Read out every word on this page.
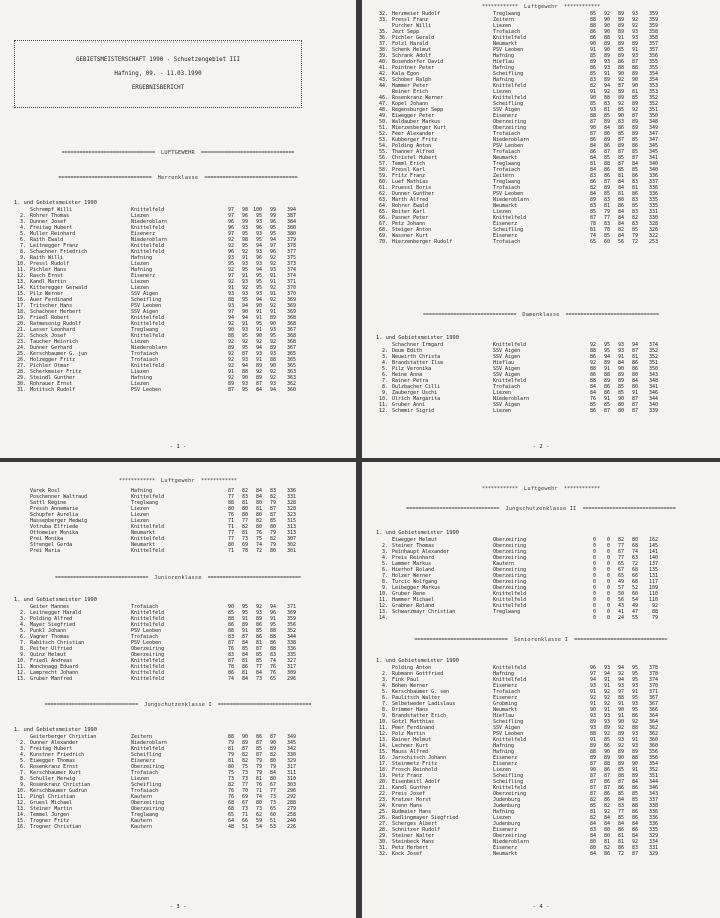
··································································
GEBIETSMEISTERSCHAFT 1990 - Schuetzengebiet III
Hafning, 09. - 11.03.1990
ERGEBNISBERICHT
=============================== LUFTGEWEHR ===============================
=============================== Herrenklasse ===============================
1. und Gebietsmeister 1990
Schrempf Willi	Knittelfeld	97	98 100	99	394
2. Rohrer Thomas	Liezen	97	96	95	99	387
3. Dunner Josef	Niederoblarn	96	99	93	96	384
4. Freitag Hubert	Knittelfeld	96	93	96	95	380
5. Muller Reinhard	Eisenerz	97	95	93	95	380
6. Raith Ewald	Niederoblarn	92	98	95	94	379
7. Leitnegger Franz	Knittelfeld	92	95	94	97	378
8. Schachner Friedrich	Knittelfeld	96	92	93	96	377
9. Raith Willi	Hafning	93	91	96	92	375
10. Pressl Rudolf	Liezen	95	93	93	92	373
11. Pichler Hans	Hafning	92	95	94	93	374
12. Rasch Ernst	Eisenerz	97	91	95	91	374
13. Kandl Martin	Liezen	92	93	95	91	371
14. Kitteregger Gerwald	Liezen	91	92	95	92	370
15. Pilz Werner	SSV Aigen	93	93	93	91	370
16. Auer Ferdinand	Scheifling	88	95	94	92	369
17. Tritscher Hans	PSV Leoben	93	94	90	92	369
18. Schachner Herbert	SSV Aigen	97	90	91	91	369
19. Friedl Robert	Knittelfeld	94	94	91	89	368
20. Ratmesonig Rudolf	Knittelfeld	92	91	95	90	368
21. Lasser Leonhard	Treglwang	90	93	91	93	367
22. Schock Josef	Knittelfeld	88	95	90	95	368
23. Taucher Heinrich	Liezen	92	92	92	92	368
24. Dunner Gerhard	Niederoblarn	89	95	94	89	367
25. Kerschbaumer G. jun	Trofaiach	92	87	93	93	365
26. Holzegger Fritz	Trofaiach	92	93	91	88	365
27. Pichler Otmar	Knittelfeld	92	94	89	90	365
28. Scherkmeier Fritz	Liezen	91	88	92	92	363
29. Steindl Gunther	Hafning	92	90	89	92	363
30. Rohrauer Ernst	Liezen	89	93	87	93	362
31. Motitsch Rudolf	PSV Leoben	87	95	84	94	360
- 1 -
************ Luftgewehr ************
32. Herzmeier Rudolf	Treglwang	85	92	89	93	359
33. Pressl Franz	Zeitern	88	90	89	92	359
Purcher Willi	Liezen	88	90	89	92	359
35. Jezt Sepp	Trofaiach	86	90	89	93	358
36. Pichler Gerald	Knittelfeld	86	88	91	93	358
37. Folzl Harald	Neumarkt	90	89	89	89	357
38. Schenk Helmut	PSV Leoben	91	90	85	91	357
39. Schrank Adolf	Hafning	85	89	89	93	356
40. Bosendorfer David	Hieflau	89	93	86	87	355
41. Pointner Peter	Hafning	86	93	88	88	355
42. Kala Egon	Scheifling	85	91	90	89	354
43. Schober Ralph	Hafning	83	89	92	90	354
44. Hammer Peter	Knittelfeld	82	94	87	90	353
Reiner Erich	Liezen	91	92	89	81	353
46. Rosenkranz Werner	Knittelfeld	90	88	89	85	352
47. Kopel Johann	Scheifling	85	83	92	89	352
48. Regensburger Sepp	SSV Aigen	93	81	85	92	351
49. Eiwegger Peter	Eisenerz	88	85	90	87	350
50. Waldauber Markus	Oberzeiring	87	89	83	89	348
51. Mierzesberger Kurt	Oberzeiring	90	84	86	89	349
52. Feer Alexander	Trofaiach	87	86	85	89	347
53. Kubberger Fritz	Niederoblarn	86	89	87	85	347
54. Polding Anton	PSV Leoben	84	86	89	86	345
55. Thanner Alfred	Trofaiach	86	87	87	85	345
56. Christel Hubert	Neumarkt	84	85	85	87	341
57. Temml Erich	Treglwang	81	88	87	84	340
58. Pressl Karl	Trofaiach	84	86	85	85	340
59. Fritz Franz	Zeitern	83	86	81	86	336
60. Luef Mathias	Treglwang	86	87	84	83	337
61. Pruessl Boris	Trofaiach	82	89	84	81	336
62. Dunner Gunther	PSV Leoben	84	85	81	86	336
63. Marth Alfred	Niederoblarn	89	83	80	83	335
64. Rohrer Ewald	Neumarkt	83	81	86	85	335
65. Reiter Karl	Liezen	85	79	84	83	331
66. Pasner Peter	Knittelfeld	87	77	84	82	330
67. Petz Johann	Eisenerz	78	83	84	83	328
68. Steiger Anton	Scheifling	81	78	82	85	326
69. Wassner Kurt	Eisenerz	74	85	84	79	322
70. Hierzenberger Rudolf	Trofaiach	65	60	56	72	253
=============================== Damenklasse ===============================
1. und Gebietsmeister 1990
Schachner Irmgard	Knittelfeld	92	95	93	94	374
2. Deum Edith	SSV Aigen	88	95	93	87	352
3. Neuwirth Christa	SSV Aigen	86	94	91	81	352
4. Brandstatter Ilse	Hieflau	92	89	84	86	351
5. Pilz Veronika	SSV Aigen	88	91	90	86	350
6. Heine Anna	SSV Aigen	86	88	89	80	343
7. Rainer Petra	Knittelfeld	88	89	89	84	348
8. Dulzbacher Cilli	Trofaiach	84	86	85	80	341
9. Zauberger Uschi	Liezen	84	86	85	91	346
10. Ulrich Margarita	Niederoblarn	76	91	90	87	344
11. Gruber Anni	SSV Aigen	85	85	80	87	340
12. Schmmir Sigrid	Liezen	86	87	80	87	339
- 2 -
************ Luftgewehr ************
Varek Rosl	Hafning	87	82	84	83	336
Poschenner Waltraud	Knittelfeld	77	83	84	82	331
Sattl Regine	Treglwang	88	81	80	79	328
Pressh Annemarie	Liezen	80	80	81	87	328
Schupfer Aurelia	Liezen	76	80	80	87	323
Hassenberger Hedwig	Liezen	71	77	82	85	315
Votruba Elfriede	Knittelfeld	71	82	80	80	313
Ottomeier Monika	Neumarkt	77	81	76	79	313
Prei Monika	Knittelfeld	77	73	75	82	307
Strengel Gerda	Neumarkt	80	69	74	79	302
Prei Maria	Knittelfeld	71	78	72	80	301
=============================== Juniorenklasse ===============================
1. und Gebietsmeister 1990
Geiter Hannes	Trofaiach	90	95	92	94	371
2. Leitnegger Harald	Knittelfeld	85	95	93	96	369
3. Polding Alfred	Knittelfeld	88	91	89	91	359
4. Mayer Siegfried	Knittelfeld	86	89	86	95	356
5. Punkl Johann	PSV Leoben	88	91	85	88	352
6. Vagner Thomas	Trofaiach	83	87	86	88	344
7. Rabitsch Christian	PSV Leoben	87	84	81	86	338
8. Peifer Ulfried	Oberzeiring	76	85	87	88	336
9. Quinz Helmut	Oberzeiring	83	84	85	83	335
10. Friedl Andreas	Knittelfeld	87	81	85	74	327
11. Wonchnagg Eduard	Knittelfeld	78	86	77	76	317
12. Lamprecht Johann	Knittelfeld	86	81	84	76	309
13. Gruber Manfred	Knittelfeld	74	84	73	65	296
=============================== Jungschutzenklasse I ===============================
1. und Gebietsmeister 1990
Geiterberger Christian	Zeitern	88	90	86	87	349
2. Dunner Alexander	Niederoblarn	79	89	87	90	345
3. Freitag Hubert	Knittelfeld	81	87	85	89	342
4. Kunstner Friedrich	Scheifling	79	82	87	82	330
5. Eiwegger Thomas	Eisenerz	81	82	79	80	329
6. Rosenkranz Ernst	Oberzeiring	80	75	79	79	317
7. Kerschbaumer Kurt	Trofaiach	75	73	79	84	311
8. Schuller Herwig	Liezen	73	73	81	80	310
9. Rosenkranz Christian	Scheifling	82	77	76	67	303
10. Kerschbaumer Gudrun	Trofaiach	76	70	71	77	296
11. Pingl Christian	Kautern	76	69	74	73	292
12. Gruesl Michael	Oberzeiring	68	67	80	73	288
13. Steiner Martin	Oberzeiring	68	73	73	65	279
14. Temmel Jurgen	Treglwang	65	71	62	60	258
15. Trogner Fritz	Kautern	64	66	59	51	240
16. Trogner Christian	Kautern	48	51	54	53	226
- 3 -
************ Luftgewehr ************
=============================== Jungschutzenklasse II ===============================
1. und Gebietsmeister 1990
Eiwegger Helmut	Oberzeiring	0	0	82	80	162
2. Steiner Thomas	Oberzeiring	0	0	77	68	145
3. Peinhaupt Alexander	Oberzeiring	0	0	67	74	141
4. Preis Reinhard	Oberzeiring	0	0	77	63	140
5. Lammer Markus	Kautern	0	0	65	72	137
6. Hierhof Roland	Oberzeiring	0	0	67	68	135
7. Holzer Werner	Oberzeiring	0	0	65	66	131
8. Turcic Wolfgang	Oberzeiring	0	0	49	68	117
9. Leibegger Markus	Oberzeiring	0	0	57	52	109
10. Gruber Rene	Knittelfeld	0	0	50	60	110
11. Hammer Michael	Knittelfeld	0	0	56	54	110
12. Grabner Roland	Knittelfeld	0	0	43	49	92
13. Schwarzmayr Christian	Treglwang	0	0	41	47	88
14.	0	0	24	55	79
=============================== Seniorenklasse I ===============================
1. und Gebietsmeister 1990
Polding Anton	Knittelfeld	96	93	94	95	378
2. Rubmann Gottfried	Hafning	97	94	92	95	378
3. Fink Paul	Knittelfeld	94	91	94	95	374
4. Bohen Werner	Eisenerz	93	91	93	93	370
5. Kerschbaumer G. sen	Trofaiach	91	92	97	91	371
6. Paulitsch Walter	Eisenerz	92	92	88	95	367
7. Selbetweder Ladislaus	Grobming	91	92	91	93	367
8. Drimmer Hans	Neumarkt	90	91	90	95	366
9. Brandstatter Erich	Hieflau	93	93	91	86	364
10. Gotzl Matthias	Scheifling	89	93	90	92	364
11. Peer Ferdinand	SSV Aigen	93	89	92	88	362
12. Polz Martin	PSV Leoben	88	92	89	93	362
13. Rainer Helmut	Knittelfeld	91	85	93	91	360
14. Lechner Kurt	Hafning	89	86	92	93	360
15. Mauss Alfred	Hafning	88	90	89	89	356
16. Jarschitsch Johann	Eisenerz	89	89	90	88	356
17. Steinmetz Fritz	Eisenerz	87	88	89	90	354
18. Frosch Reinhold	Liezen	90	86	85	91	352
19. Petz Franz	Scheifling	87	87	88	89	351
20. Eisenbeitl Adolf	Scheifling	87	86	87	84	344
21. Kandl Gunther	Knittelfeld	87	87	86	86	346
22. Preis Josef	Oberzeiring	87	86	85	85	343
23. Kratzer Horst	Judenburg	82	86	84	85	337
24. Krenn Hans	Judenburg	85	82	83	88	338
25. Rudmaier Hans	Hafning	81	92	77	86	336
26. Radlingmayer Siegfried	Liezen	82	84	85	86	336
27. Scherges Albert	Judenburg	84	84	84	84	336
28. Schnitzer Rudolf	Eisenerz	83	80	86	86	335
29. Steiner Walter	Oberzeiring	84	80	81	84	329
30. Steinbeck Hans	Niederoblarn	80	81	81	92	334
31. Petz Herbert	Eisenerz	80	82	86	83	331
32. Kock Josef	Neumarkt	84	86	72	87	329
- 4 -
